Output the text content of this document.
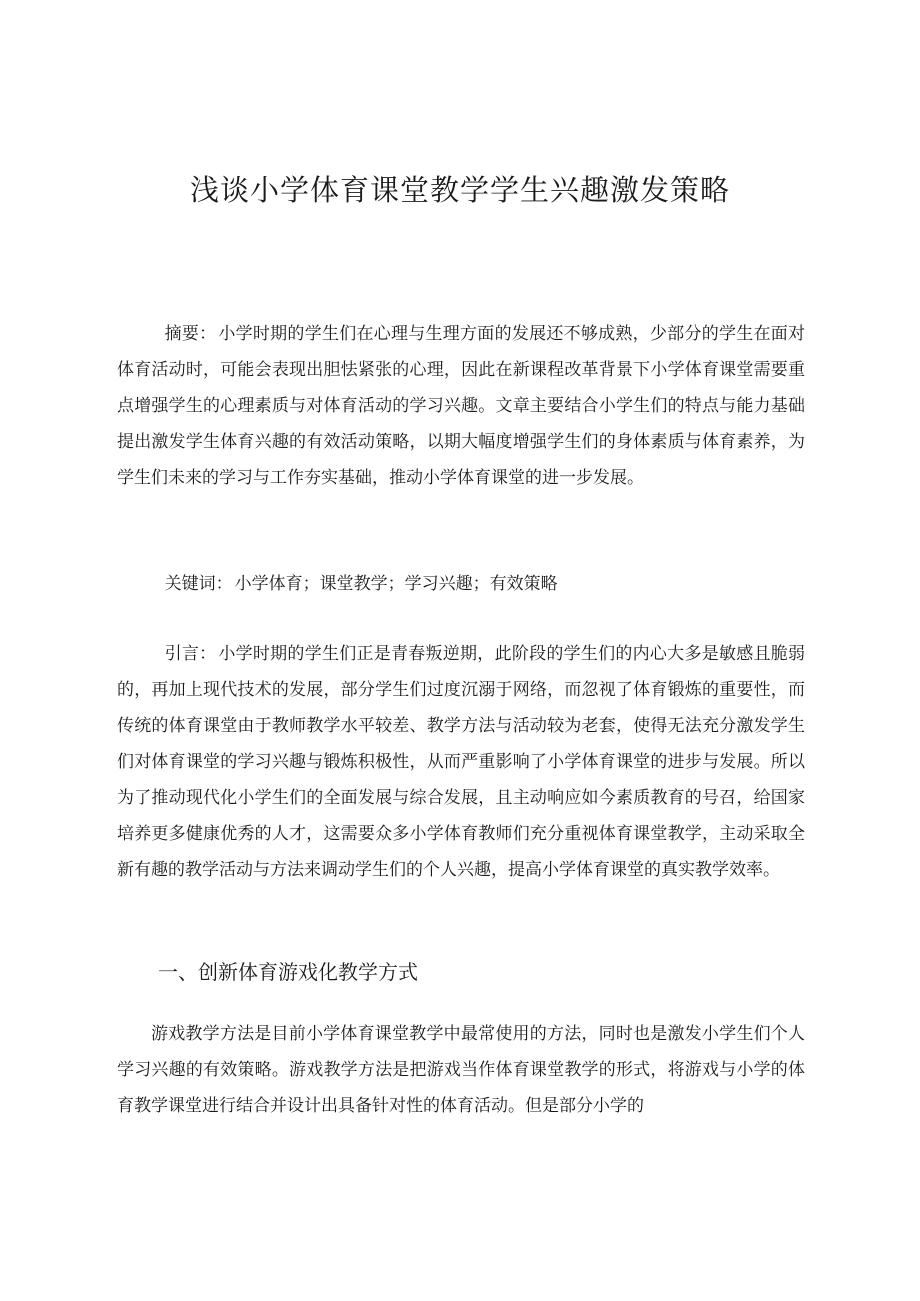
浅谈小学体育课堂教学学生兴趣激发策略

摘要： 小学时期的学生们在心理与生理方面的发展还不够成熟，少部分的学生在面对体育活动时，可能会表现出胆怯紧张的心理，因此在新课程改革背景下小学体育课堂需要重点增强学生的心理素质与对体育活动的学习兴趣。文章主要结合小学生们的特点与能力基础提出激发学生体育兴趣的有效活动策略，以期大幅度增强学生们的身体素质与体育素养，为学生们未来的学习与工作夯实基础，推动小学体育课堂的进一步发展。

关键词： 小学体育；课堂教学；学习兴趣；有效策略

引言： 小学时期的学生们正是青春叛逆期，此阶段的学生们的内心大多是敏感且脆弱的，再加上现代技术的发展，部分学生们过度沉溺于网络，而忽视了体育锻炼的重要性，而传统的体育课堂由于教师教学水平较差、教学方法与活动较为老套，使得无法充分激发学生们对体育课堂的学习兴趣与锻炼积极性，从而严重影响了小学体育课堂的进步与发展。所以为了推动现代化小学生们的全面发展与综合发展，且主动响应如今素质教育的号召，给国家培养更多健康优秀的人才，这需要众多小学体育教师们充分重视体育课堂教学，主动采取全新有趣的教学活动与方法来调动学生们的个人兴趣，提高小学体育课堂的真实教学效率。

一、创新体育游戏化教学方式

游戏教学方法是目前小学体育课堂教学中最常使用的方法，同时也是激发小学生们个人学习兴趣的有效策略。游戏教学方法是把游戏当作体育课堂教学的形式，将游戏与小学的体育教学课堂进行结合并设计出具备针对性的体育活动。但是部分小学的
